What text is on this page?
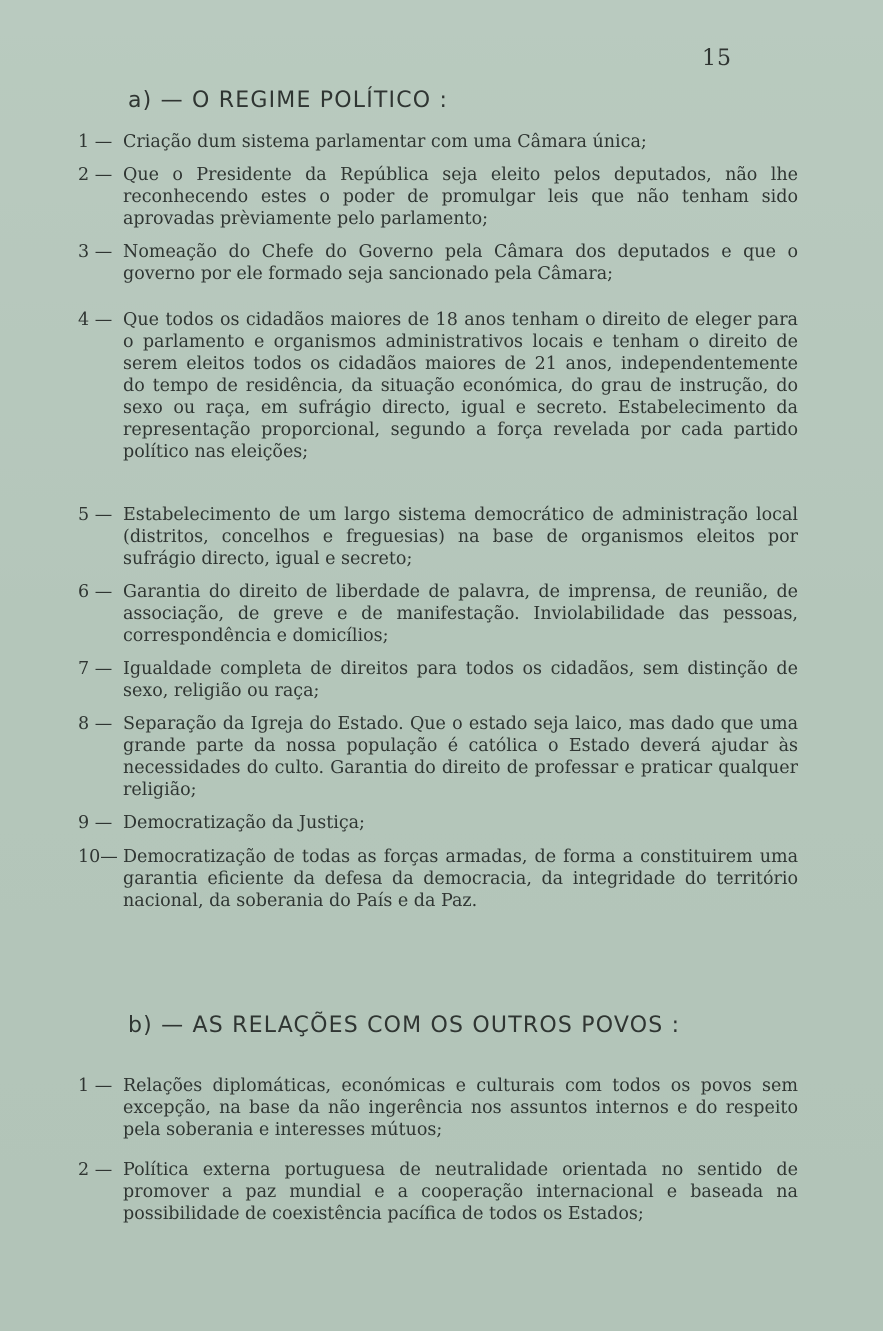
15
a) — O REGIME POLÍTICO :
1 — Criação dum sistema parlamentar com uma Câmara única;
2 — Que o Presidente da República seja eleito pelos deputados, não lhe reconhecendo estes o poder de promulgar leis que não tenham sido aprovadas prèviamente pelo parlamento;
3 — Nomeação do Chefe do Governo pela Câmara dos deputados e que o governo por ele formado seja sancionado pela Câmara;
4 — Que todos os cidadãos maiores de 18 anos tenham o direito de eleger para o parlamento e organismos administrativos locais e tenham o direito de serem eleitos todos os cidadãos maiores de 21 anos, independentemente do tempo de residência, da situação económica, do grau de instrução, do sexo ou raça, em sufrágio directo, igual e secreto. Estabelecimento da representação proporcional, segundo a força revelada por cada partido político nas eleições;
5 — Estabelecimento de um largo sistema democrático de administração local (distritos, concelhos e freguesias) na base de organismos eleitos por sufrágio directo, igual e secreto;
6 — Garantia do direito de liberdade de palavra, de imprensa, de reunião, de associação, de greve e de manifestação. Inviolabilidade das pessoas, correspondência e domicílios;
7 — Igualdade completa de direitos para todos os cidadãos, sem distinção de sexo, religião ou raça;
8 — Separação da Igreja do Estado. Que o estado seja laico, mas dado que uma grande parte da nossa população é católica o Estado deverá ajudar às necessidades do culto. Garantia do direito de professar e praticar qualquer religião;
9 — Democratização da Justiça;
10— Democratização de todas as forças armadas, de forma a constituirem uma garantia eficiente da defesa da democracia, da integridade do território nacional, da soberania do País e da Paz.
b) — AS RELAÇÕES COM OS OUTROS POVOS :
1 — Relações diplomáticas, económicas e culturais com todos os povos sem excepção, na base da não ingerência nos assuntos internos e do respeito pela soberania e interesses mútuos;
2 — Política externa portuguesa de neutralidade orientada no sentido de promover a paz mundial e a cooperação internacional e baseada na possibilidade de coexistência pacífica de todos os Estados;
